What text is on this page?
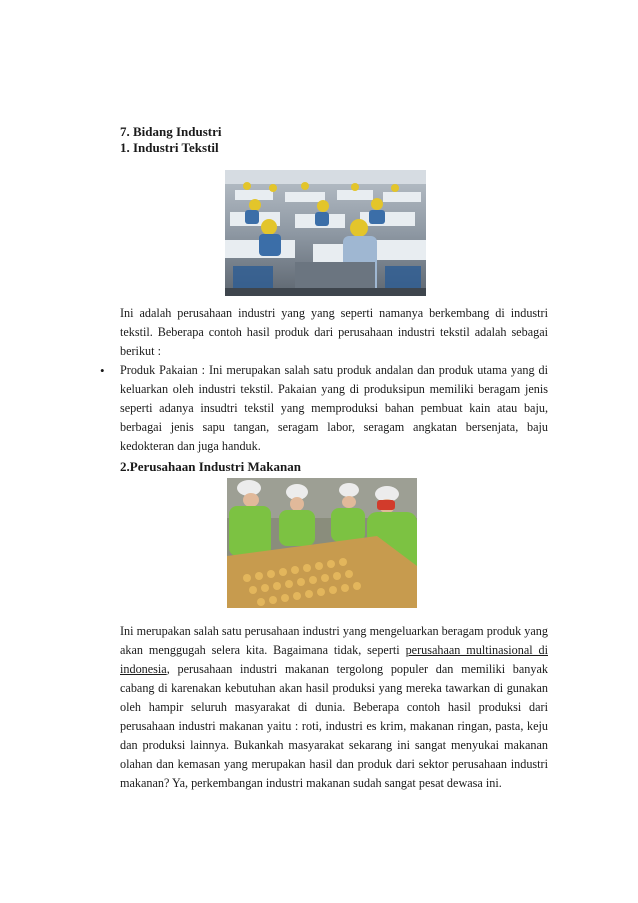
7. Bidang Industri
1. Industri Tekstil
Ini adalah perusahaan industri yang yang seperti namanya berkembang di industri tekstil. Beberapa contoh hasil produk dari perusahaan industri tekstil adalah sebagai berikut :
• Produk Pakaian : Ini merupakan salah satu produk andalan dan produk utama yang di keluarkan oleh industri tekstil. Pakaian yang di produksipun memiliki beragam jenis seperti adanya insudtri tekstil yang memproduksi bahan pembuat kain atau baju, berbagai jenis sapu tangan, seragam labor, seragam angkatan bersenjata, baju kedokteran dan juga handuk.
2.Perusahaan Industri Makanan
Ini merupakan salah satu perusahaan industri yang mengeluarkan beragam produk yang akan menggugah selera kita. Bagaimana tidak, seperti perusahaan multinasional di indonesia, perusahaan industri makanan tergolong populer dan memiliki banyak cabang di karenakan kebutuhan akan hasil produksi yang mereka tawarkan di gunakan oleh hampir seluruh masyarakat di dunia. Beberapa contoh hasil produksi dari perusahaan industri makanan yaitu : roti, industri es krim, makanan ringan, pasta, keju dan produksi lainnya. Bukankah masyarakat sekarang ini sangat menyukai makanan olahan dan kemasan yang merupakan hasil dan produk dari sektor perusahaan industri makanan? Ya, perkembangan industri makanan sudah sangat pesat dewasa ini.
